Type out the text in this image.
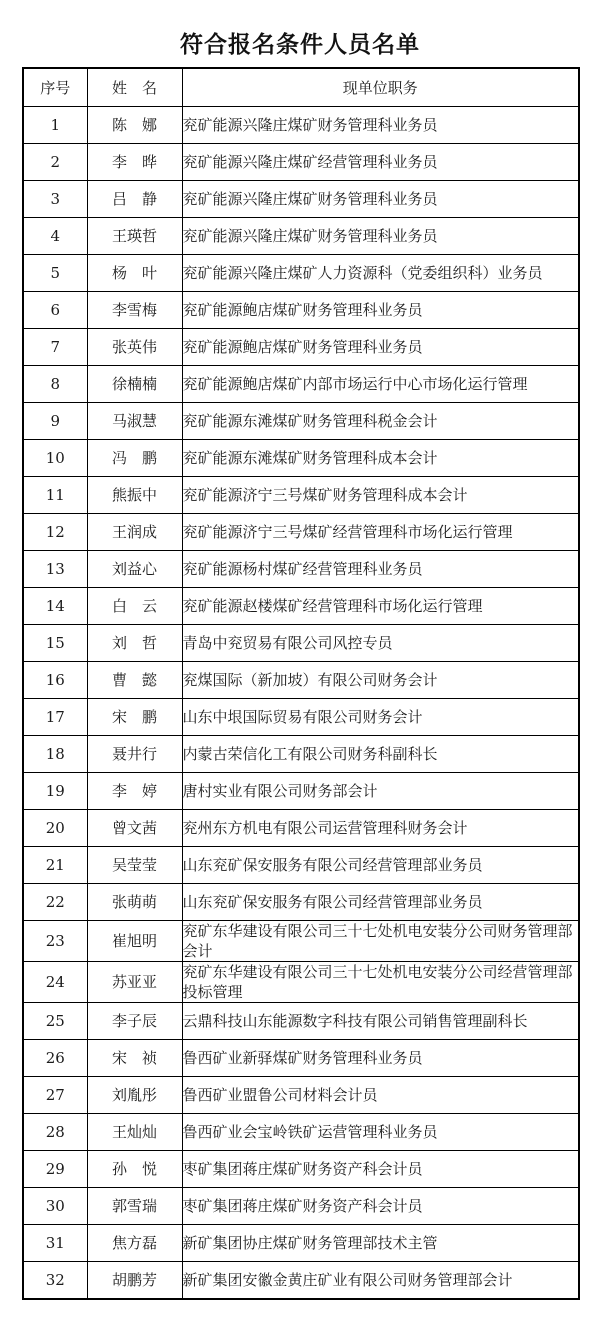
符合报名条件人员名单
序号	姓　名	现单位职务
1	陈　娜	兖矿能源兴隆庄煤矿财务管理科业务员
2	李　晔	兖矿能源兴隆庄煤矿经营管理科业务员
3	吕　静	兖矿能源兴隆庄煤矿财务管理科业务员
4	王瑛哲	兖矿能源兴隆庄煤矿财务管理科业务员
5	杨　叶	兖矿能源兴隆庄煤矿人力资源科（党委组织科）业务员
6	李雪梅	兖矿能源鲍店煤矿财务管理科业务员
7	张英伟	兖矿能源鲍店煤矿财务管理科业务员
8	徐楠楠	兖矿能源鲍店煤矿内部市场运行中心市场化运行管理
9	马淑慧	兖矿能源东滩煤矿财务管理科税金会计
10	冯　鹏	兖矿能源东滩煤矿财务管理科成本会计
11	熊振中	兖矿能源济宁三号煤矿财务管理科成本会计
12	王润成	兖矿能源济宁三号煤矿经营管理科市场化运行管理
13	刘益心	兖矿能源杨村煤矿经营管理科业务员
14	白　云	兖矿能源赵楼煤矿经营管理科市场化运行管理
15	刘　哲	青岛中兖贸易有限公司风控专员
16	曹　懿	兖煤国际（新加坡）有限公司财务会计
17	宋　鹏	山东中垠国际贸易有限公司财务会计
18	聂井行	内蒙古荣信化工有限公司财务科副科长
19	李　婷	唐村实业有限公司财务部会计
20	曾文茜	兖州东方机电有限公司运营管理科财务会计
21	吴莹莹	山东兖矿保安服务有限公司经营管理部业务员
22	张萌萌	山东兖矿保安服务有限公司经营管理部业务员
23	崔旭明	兖矿东华建设有限公司三十七处机电安装分公司财务管理部会计
24	苏亚亚	兖矿东华建设有限公司三十七处机电安装分公司经营管理部投标管理
25	李子辰	云鼎科技山东能源数字科技有限公司销售管理副科长
26	宋　祯	鲁西矿业新驿煤矿财务管理科业务员
27	刘胤彤	鲁西矿业盟鲁公司材料会计员
28	王灿灿	鲁西矿业会宝岭铁矿运营管理科业务员
29	孙　悦	枣矿集团蒋庄煤矿财务资产科会计员
30	郭雪瑞	枣矿集团蒋庄煤矿财务资产科会计员
31	焦方磊	新矿集团协庄煤矿财务管理部技术主管
32	胡鹏芳	新矿集团安徽金黄庄矿业有限公司财务管理部会计
